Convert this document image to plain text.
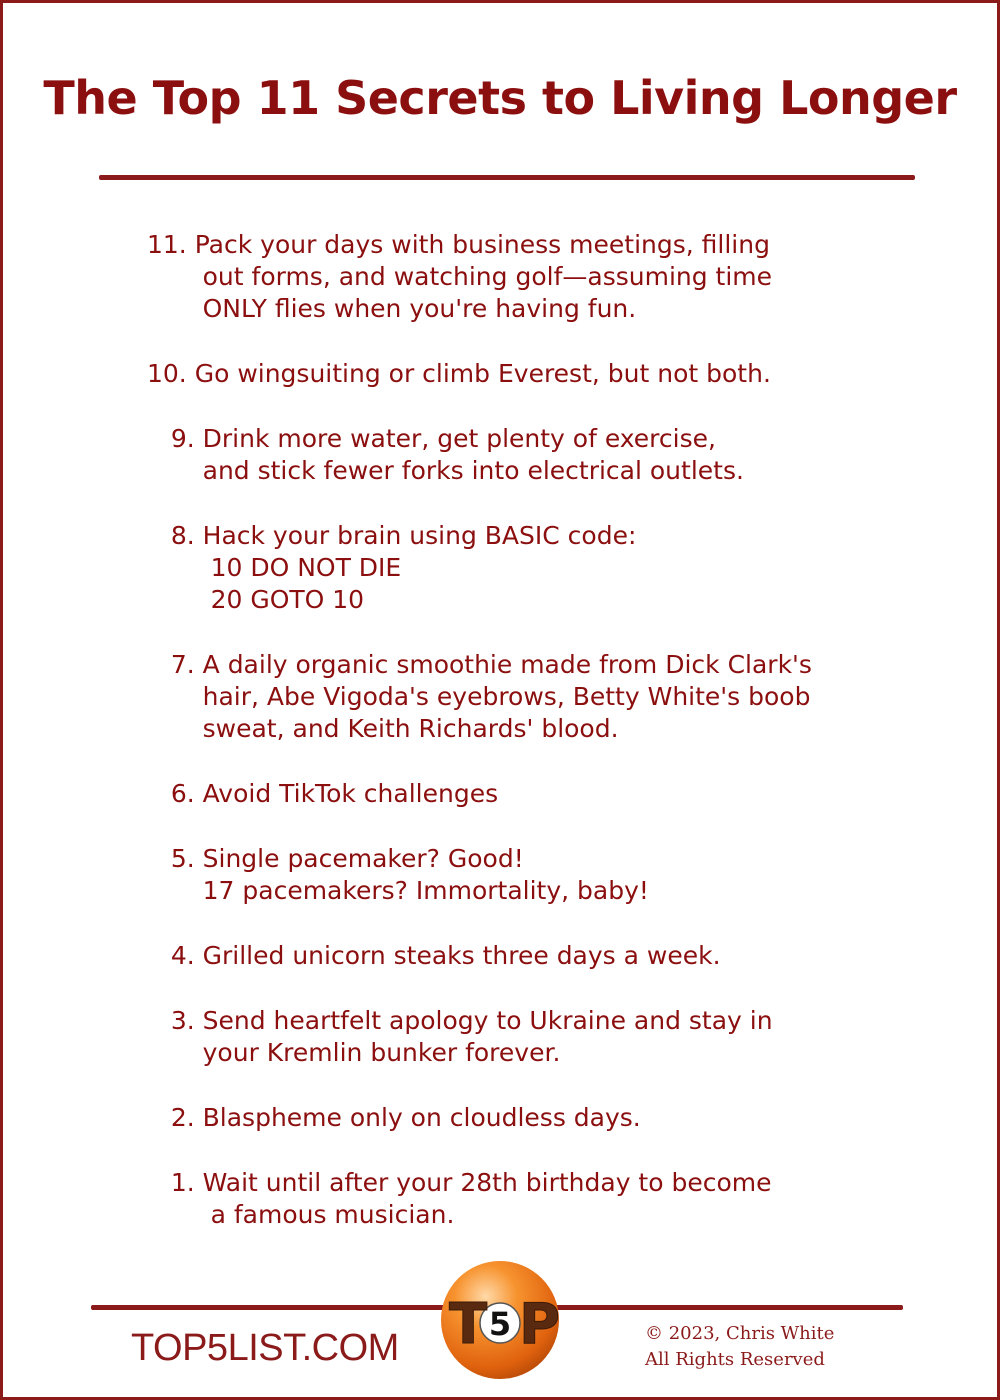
The Top 11 Secrets to Living Longer
11. Pack your days with business meetings, filling
out forms, and watching golf—assuming time
ONLY flies when you're having fun.
10. Go wingsuiting or climb Everest, but not both.
9. Drink more water, get plenty of exercise,
and stick fewer forks into electrical outlets.
8. Hack your brain using BASIC code:
10 DO NOT DIE
20 GOTO 10
7. A daily organic smoothie made from Dick Clark's
hair, Abe Vigoda's eyebrows, Betty White's boob
sweat, and Keith Richards' blood.
6. Avoid TikTok challenges
5. Single pacemaker? Good!
17 pacemakers? Immortality, baby!
4. Grilled unicorn steaks three days a week.
3. Send heartfelt apology to Ukraine and stay in
your Kremlin bunker forever.
2. Blaspheme only on cloudless days.
1. Wait until after your 28th birthday to become
a famous musician.
TOP5LIST.COM T 5 P	© 2023, Chris White
All Rights Reserved
